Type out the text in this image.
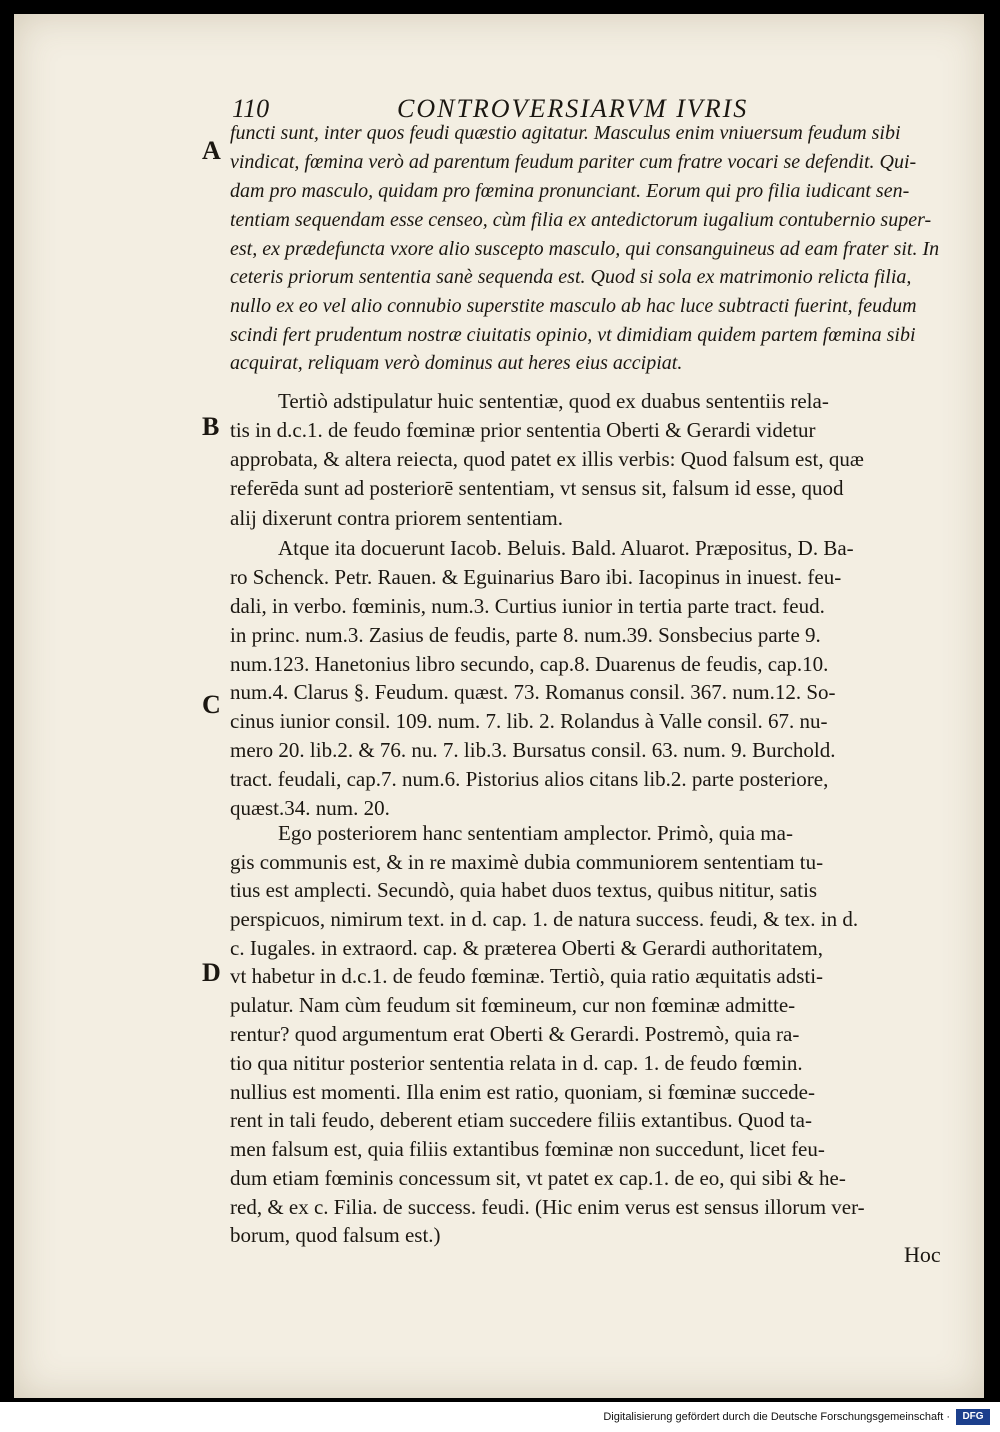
110	CONTROVERSIARVM IVRIS
A
B
C
D
functi sunt, inter quos feudi quæstio agitatur. Masculus enim vniuersum feudum sibi
vindicat, fœmina verò ad parentum feudum pariter cum fratre vocari se defendit. Qui-
dam pro masculo, quidam pro fœmina pronunciant. Eorum qui pro filia iudicant sen-
tentiam sequendam esse censeo, cùm filia ex antedictorum iugalium contubernio super-
est, ex prædefuncta vxore alio suscepto masculo, qui consanguineus ad eam frater sit. In
ceteris priorum sententia sanè sequenda est. Quod si sola ex matrimonio relicta filia,
nullo ex eo vel alio connubio superstite masculo ab hac luce subtracti fuerint, feudum
scindi fert prudentum nostræ ciuitatis opinio, vt dimidiam quidem partem fœmina sibi
acquirat, reliquam verò dominus aut heres eius accipiat.
Tertiò adstipulatur huic sententiæ, quod ex duabus sententiis rela-
tis in d.c.1. de feudo fœminæ prior sententia Oberti & Gerardi videtur
approbata, & altera reiecta, quod patet ex illis verbis: Quod falsum est, quæ
referēda sunt ad posteriorē sententiam, vt sensus sit, falsum id esse, quod
alij dixerunt contra priorem sententiam.
Atque ita docuerunt Iacob. Beluis. Bald. Aluarot. Præpositus, D. Ba-
ro Schenck. Petr. Rauen. & Eguinarius Baro ibi. Iacopinus in inuest. feu-
dali, in verbo. fœminis, num.3. Curtius iunior in tertia parte tract. feud.
in princ. num.3. Zasius de feudis, parte 8. num.39. Sonsbecius parte 9.
num.123. Hanetonius libro secundo, cap.8. Duarenus de feudis, cap.10.
num.4. Clarus §. Feudum. quæst. 73. Romanus consil. 367. num.12. So-
cinus iunior consil. 109. num. 7. lib. 2. Rolandus à Valle consil. 67. nu-
mero 20. lib.2. & 76. nu. 7. lib.3. Bursatus consil. 63. num. 9. Burchold.
tract. feudali, cap.7. num.6. Pistorius alios citans lib.2. parte posteriore,
quæst.34. num. 20.
Ego posteriorem hanc sententiam amplector. Primò, quia ma-
gis communis est, & in re maximè dubia communiorem sententiam tu-
tius est amplecti. Secundò, quia habet duos textus, quibus nititur, satis
perspicuos, nimirum text. in d. cap. 1. de natura success. feudi, & tex. in d.
c. Iugales. in extraord. cap. & præterea Oberti & Gerardi authoritatem,
vt habetur in d.c.1. de feudo fœminæ. Tertiò, quia ratio æquitatis adsti-
pulatur. Nam cùm feudum sit fœmineum, cur non fœminæ admitte-
rentur? quod argumentum erat Oberti & Gerardi. Postremò, quia ra-
tio qua nititur posterior sententia relata in d. cap. 1. de feudo fœmin.
nullius est momenti. Illa enim est ratio, quoniam, si fœminæ succede-
rent in tali feudo, deberent etiam succedere filiis extantibus. Quod ta-
men falsum est, quia filiis extantibus fœminæ non succedunt, licet feu-
dum etiam fœminis concessum sit, vt patet ex cap.1. de eo, qui sibi & he-
red, & ex c. Filia. de success. feudi. (Hic enim verus est sensus illorum ver-
borum, quod falsum est.)
Hoc
Digitalisierung gefördert durch die Deutsche Forschungsgemeinschaft ·	DFG
